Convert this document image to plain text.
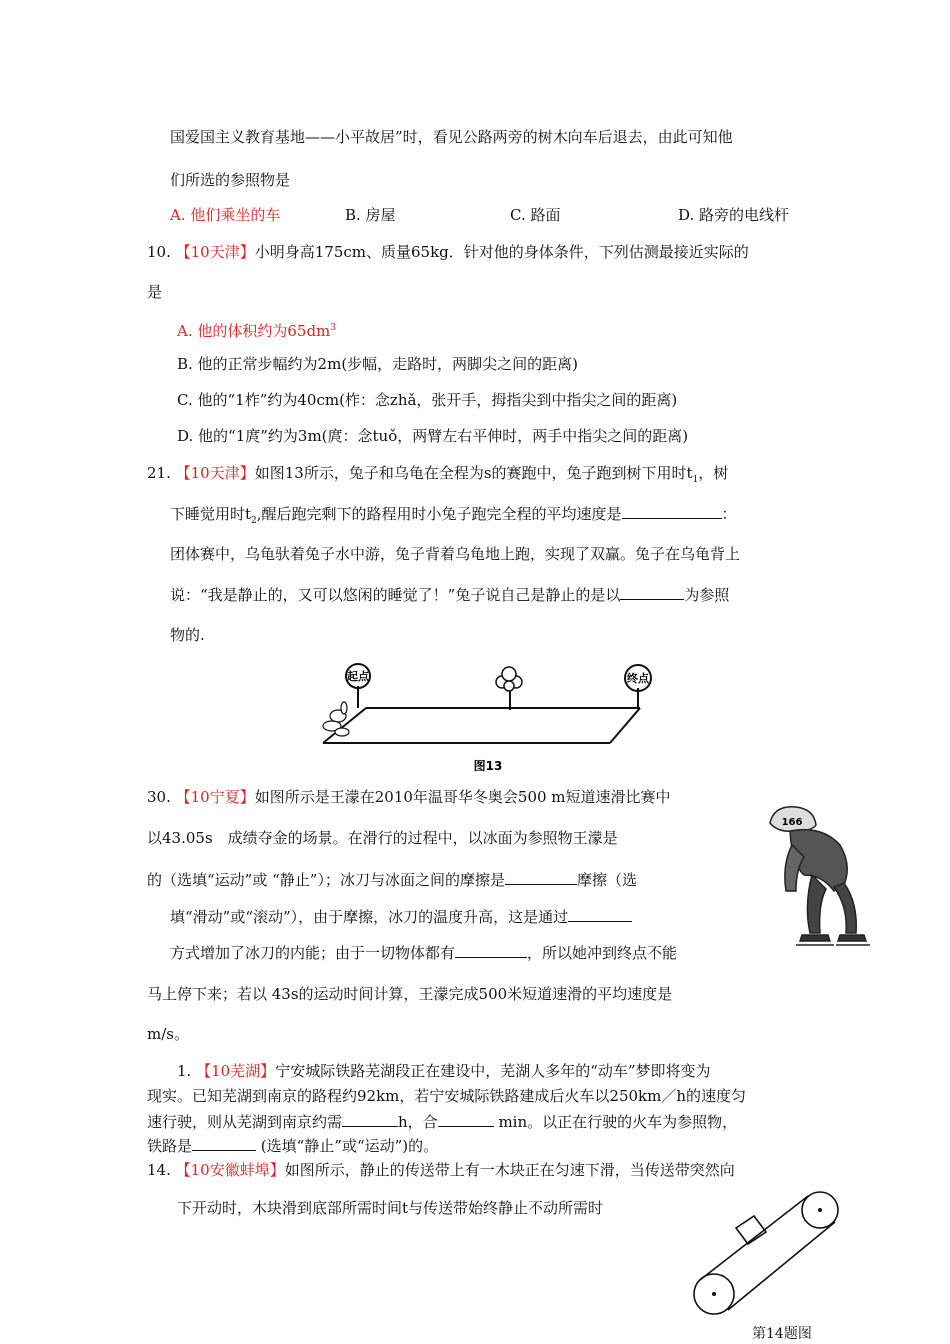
国爱国主义教育基地——小平故居”时，看见公路两旁的树木向车后退去，由此可知他
们所选的参照物是
A. 他们乘坐的车	B. 房屋	C. 路面	D. 路旁的电线杆
10. 【10天津】小明身高175cm、质量65kg．针对他的身体条件，下列估测最接近实际的
是
A. 他的体积约为$65dm^3$
B. 他的正常步幅约为2m(步幅，走路时，两脚尖之间的距离)
C. 他的“1柞”约为40cm(柞：念zhǎ，张开手，拇指尖到中指尖之间的距离)
D. 他的“1庹”约为3m(庹：念tuǒ，两臂左右平伸时，两手中指尖之间的距离)
21. 【10天津】如图13所示，兔子和乌龟在全程为s的赛跑中，兔子跑到树下用时$t_1$，树
下睡觉用时$t_2$,醒后跑完剩下的路程用时小兔子跑完全程的平均速度是	：
团体赛中，乌龟驮着兔子水中游，兔子背着乌龟地上跑，实现了双赢。兔子在乌龟背上
说：“我是静止的，又可以悠闲的睡觉了！”兔子说自己是静止的是以	为参照
物的.
起点	终点
图13
30. 【10宁夏】如图所示是王濛在2010年温哥华冬奥会500 m短道速滑比赛中
以43.05s　成绩夺金的场景。在滑行的过程中，以冰面为参照物王濛是
的（选填“运动”或 “静止”）；冰刀与冰面之间的摩擦是	摩擦（选
填“滑动”或“滚动”），由于摩擦，冰刀的温度升高，这是通过
方式增加了冰刀的内能；由于一切物体都有	，所以她冲到终点不能
马上停下来；若以 43s的运动时间计算，王濛完成500米短道速滑的平均速度是
m/s。
166
1. 【10芜湖】宁安城际铁路芜湖段正在建设中，芜湖人多年的“动车”梦即将变为
现实。已知芜湖到南京的路程约92km，若宁安城际铁路建成后火车以250km／h的速度匀
速行驶，则从芜湖到南京约需	h，合	min。以正在行驶的火车为参照物，
铁路是	(选填“静止”或“运动”)的。
14. 【10安徽蚌埠】如图所示，静止的传送带上有一木块正在匀速下滑，当传送带突然向
下开动时，木块滑到底部所需时间t与传送带始终静止不动所需时
第14题图
